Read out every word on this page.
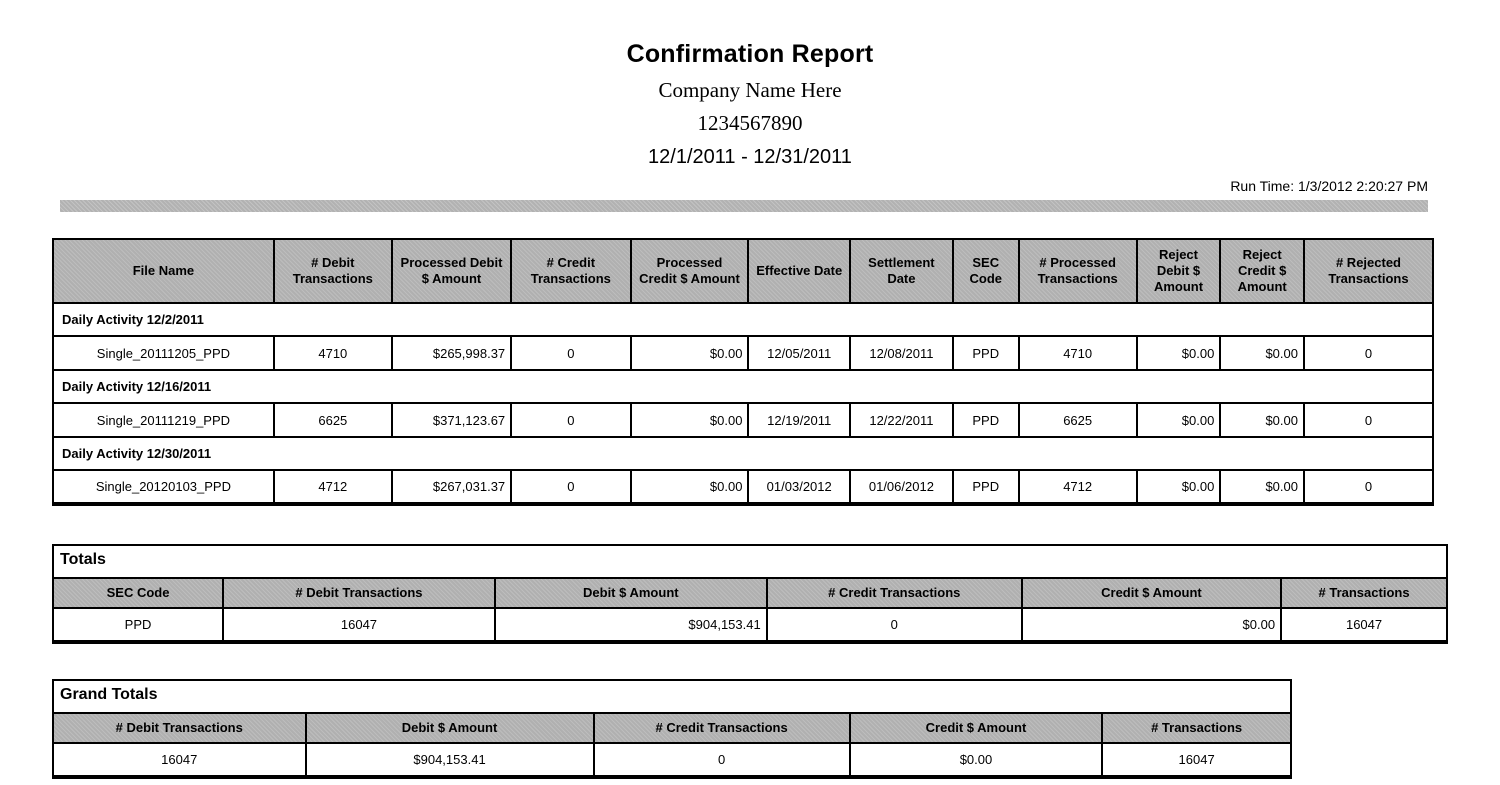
Confirmation Report
Company Name Here
1234567890
12/1/2011 - 12/31/2011
Run Time: 1/3/2012 2:20:27 PM
File Name	# Debit Transactions	Processed Debit $ Amount	# Credit Transactions	Processed Credit $ Amount	Effective Date	Settlement Date	SEC Code	# Processed Transactions	Reject Debit $ Amount	Reject Credit $ Amount	# Rejected Transactions
Daily Activity 12/2/2011											
Single_20111205_PPD	4710	$265,998.37	0	$0.00	12/05/2011	12/08/2011	PPD	4710	$0.00	$0.00	0
Daily Activity 12/16/2011											
Single_20111219_PPD	6625	$371,123.67	0	$0.00	12/19/2011	12/22/2011	PPD	6625	$0.00	$0.00	0
Daily Activity 12/30/2011											
Single_20120103_PPD	4712	$267,031.37	0	$0.00	01/03/2012	01/06/2012	PPD	4712	$0.00	$0.00	0
Totals
SEC Code	# Debit Transactions	Debit $ Amount	# Credit Transactions	Credit $ Amount	# Transactions
PPD	16047	$904,153.41	0	$0.00	16047
Grand Totals
# Debit Transactions	Debit $ Amount	# Credit Transactions	Credit $ Amount	# Transactions
16047	$904,153.41	0	$0.00	16047
